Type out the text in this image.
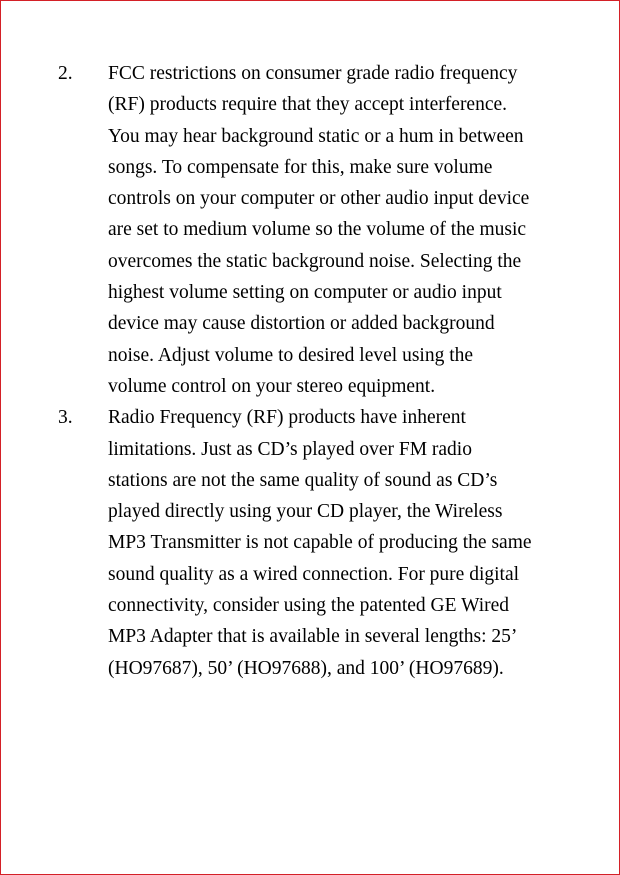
2. FCC restrictions on consumer grade radio frequency
(RF) products require that they accept interference.
You may hear background static or a hum in between
songs. To compensate for this, make sure volume
controls on your computer or other audio input device
are set to medium volume so the volume of the music
overcomes the static background noise. Selecting the
highest volume setting on computer or audio input
device may cause distortion or added background
noise. Adjust volume to desired level using the
volume control on your stereo equipment.
3. Radio Frequency (RF) products have inherent
limitations. Just as CD’s played over FM radio
stations are not the same quality of sound as CD’s
played directly using your CD player, the Wireless
MP3 Transmitter is not capable of producing the same
sound quality as a wired connection. For pure digital
connectivity, consider using the patented GE Wired
MP3 Adapter that is available in several lengths: 25’
(HO97687), 50’ (HO97688), and 100’ (HO97689).
